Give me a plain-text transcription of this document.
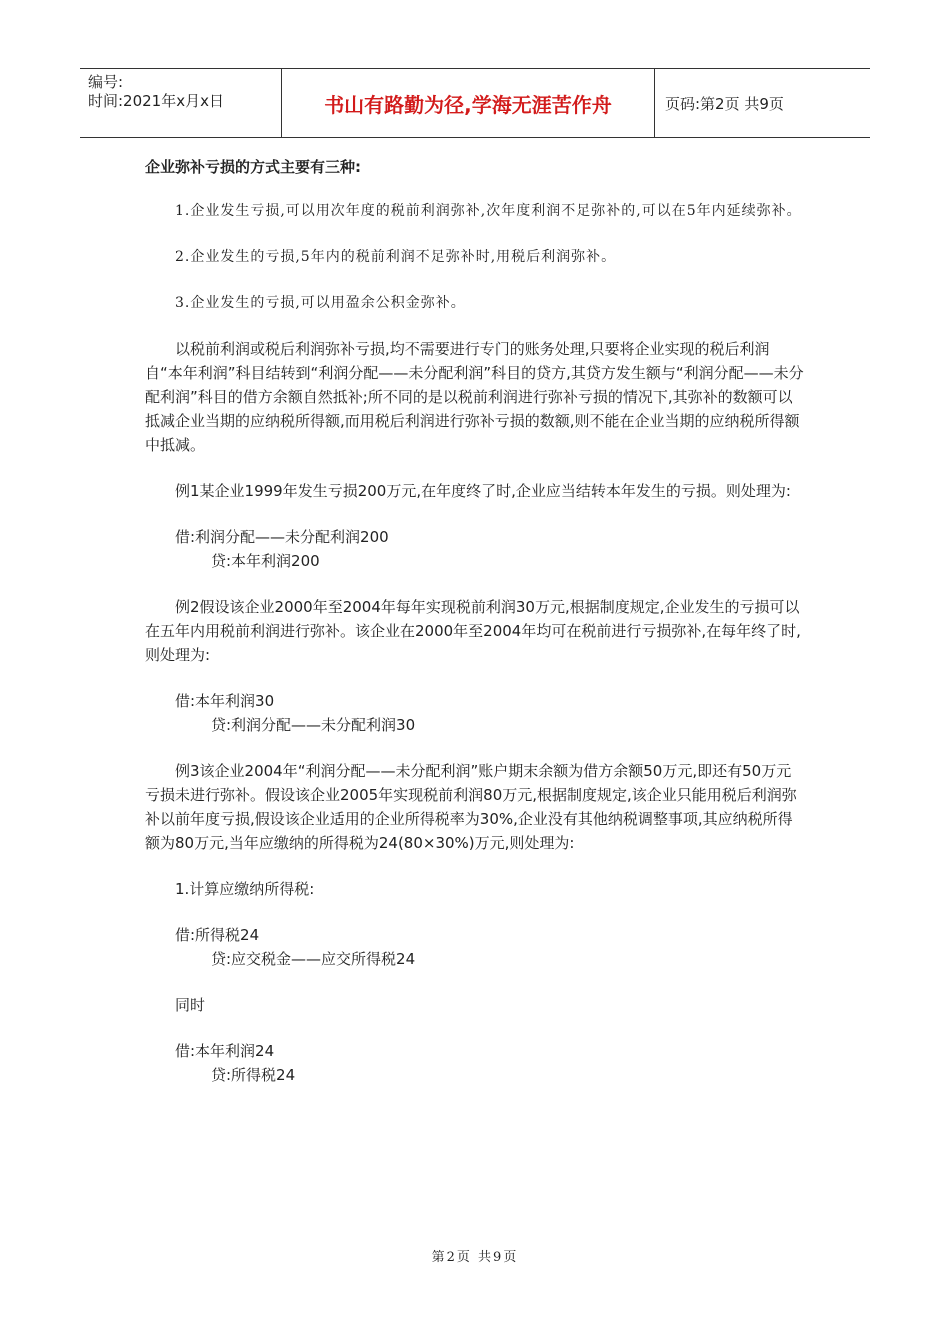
编号:
时间:2021年x月x日	书山有路勤为径,学海无涯苦作舟	页码:第2页 共9页

企业弥补亏损的方式主要有三种:

1.企业发生亏损,可以用次年度的税前利润弥补,次年度利润不足弥补的,可以在5年内延续弥补。

2.企业发生的亏损,5年内的税前利润不足弥补时,用税后利润弥补。

3.企业发生的亏损,可以用盈余公积金弥补。

以税前利润或税后利润弥补亏损,均不需要进行专门的账务处理,只要将企业实现的税后利润自“本年利润”科目结转到“利润分配——未分配利润”科目的贷方,其贷方发生额与“利润分配——未分配利润”科目的借方余额自然抵补;所不同的是以税前利润进行弥补亏损的情况下,其弥补的数额可以抵减企业当期的应纳税所得额,而用税后利润进行弥补亏损的数额,则不能在企业当期的应纳税所得额中抵减。

例1某企业1999年发生亏损200万元,在年度终了时,企业应当结转本年发生的亏损。则处理为:

借:利润分配——未分配利润200
贷:本年利润200

例2假设该企业2000年至2004年每年实现税前利润30万元,根据制度规定,企业发生的亏损可以在五年内用税前利润进行弥补。该企业在2000年至2004年均可在税前进行亏损弥补,在每年终了时,则处理为:

借:本年利润30
贷:利润分配——未分配利润30

例3该企业2004年“利润分配——未分配利润”账户期末余额为借方余额50万元,即还有50万元亏损未进行弥补。假设该企业2005年实现税前利润80万元,根据制度规定,该企业只能用税后利润弥补以前年度亏损,假设该企业适用的企业所得税率为30%,企业没有其他纳税调整事项,其应纳税所得额为80万元,当年应缴纳的所得税为24(80×30%)万元,则处理为:

1.计算应缴纳所得税:

借:所得税24
贷:应交税金——应交所得税24

同时

借:本年利润24
贷:所得税24
第2页 共9页
